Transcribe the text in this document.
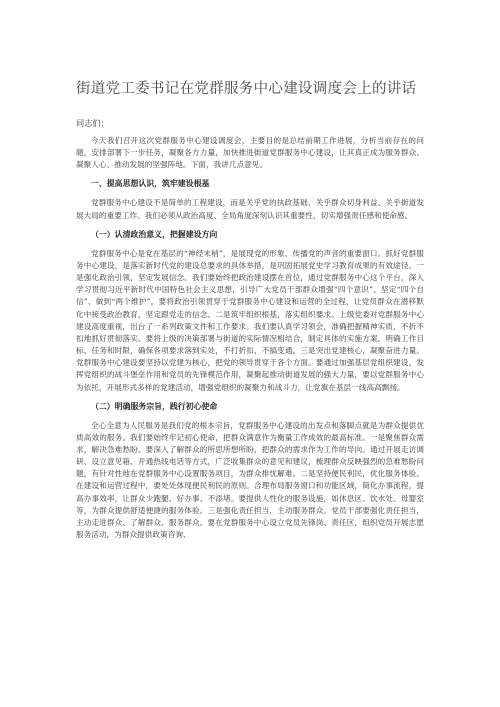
街道党工委书记在党群服务中心建设调度会上的讲话

同志们：

今天我们召开这次党群服务中心建设调度会，主要目的是总结前期工作进展，分析当前存在的问题，安排部署下一步任务，凝聚各方力量，加快推进街道党群服务中心建设，让其真正成为服务群众、凝聚人心、推动发展的坚强阵地。下面，我讲几点意见。

一、提高思想认识，筑牢建设根基

党群服务中心建设不是简单的工程建设，而是关乎党的执政基础、关乎群众切身利益、关乎街道发展大局的重要工作。我们必须从政治高度、全局角度深刻认识其重要性，切实增强责任感和使命感。

（一）认清政治意义，把握建设方向

党群服务中心是党在基层的“神经末梢”，是展现党的形象、传播党的声音的重要窗口。抓好党群服务中心建设，是落实新时代党的建设总要求的具体举措，是巩固拓展党史学习教育成果的有效途径。一是强化政治引领，坚定发展信念。我们要始终把政治建设摆在首位，通过党群服务中心这个平台，深入学习贯彻习近平新时代中国特色社会主义思想，引导广大党员干部群众增强“四个意识”、坚定“四个自信”、做到“两个维护”。要将政治引领贯穿于党群服务中心建设和运营的全过程，让党员群众在潜移默化中接受政治教育，坚定跟党走的信念。二是筑牢组织根基，落实组织要求。上级党委对党群服务中心建设高度重视，出台了一系列政策文件和工作要求。我们要认真学习领会，准确把握精神实质，不折不扣地抓好贯彻落实。要将上级的决策部署与街道的实际情况相结合，制定具体的实施方案，明确工作目标、任务和时限，确保各项要求落到实处，不打折扣、不搞变通。三是突出党建核心，凝聚奋进力量。党群服务中心建设要坚持以党建为核心，把党的领导贯穿于各个方面。要通过加强基层党组织建设，发挥党组织的战斗堡垒作用和党员的先锋模范作用，凝聚起推动街道发展的强大力量，要以党群服务中心为依托，开展形式多样的党建活动，增强党组织的凝聚力和战斗力，让党旗在基层一线高高飘扬。

（二）明确服务宗旨，践行初心使命

全心全意为人民服务是我们党的根本宗旨，党群服务中心建设的出发点和落脚点就是为群众提供优质高效的服务。我们要始终牢记初心使命，把群众满意作为衡量工作成效的最高标准。一是聚焦群众需求，解决急难愁盼。要深入了解群众的所思所想所盼，把群众的需求作为工作的导向。通过开展走访调研、设立意见箱、开通热线电话等方式，广泛收集群众的意见和建议，梳理群众反映强烈的急难愁盼问题，有针对性地在党群服务中心设置服务项目，为群众排忧解难。二是坚持便民利民，优化服务体验。在建设和运营过程中，要处处体现便民利民的原则。合理布局服务窗口和功能区域，简化办事流程，提高办事效率，让群众少跑腿、好办事、不添堵。要提供人性化的服务设施，如休息区、饮水处、母婴室等，为群众提供舒适便捷的服务体验。三是强化责任担当，主动服务群众。党员干部要强化责任担当，主动走进群众、了解群众、服务群众。要在党群服务中心设立党员先锋岗、责任区，组织党员开展志愿服务活动，为群众提供政策咨询、
